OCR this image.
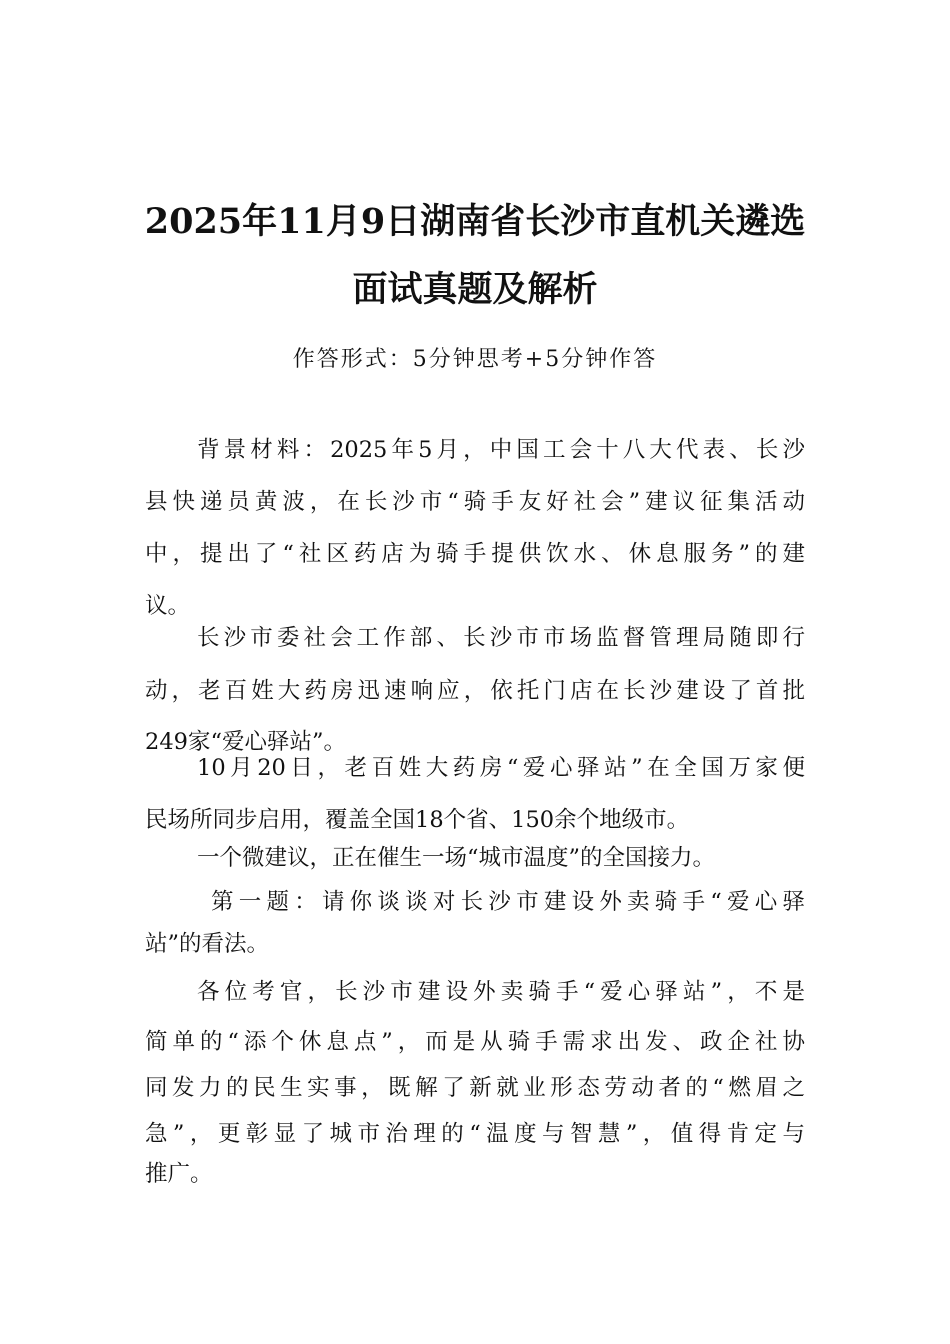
2025年11月9日湖南省长沙市直机关遴选
面试真题及解析
作答形式：5分钟思考+5分钟作答
背景材料：2025年5月，中国工会十八大代表、长沙
县快递员黄波，在长沙市“骑手友好社会”建议征集活动
中，提出了“社区药店为骑手提供饮水、休息服务”的建
议。
长沙市委社会工作部、长沙市市场监督管理局随即行
动，老百姓大药房迅速响应，依托门店在长沙建设了首批
249家“爱心驿站”。
10月20日，老百姓大药房“爱心驿站”在全国万家便
民场所同步启用，覆盖全国18个省、150余个地级市。
一个微建议，正在催生一场“城市温度”的全国接力。
第一题：请你谈谈对长沙市建设外卖骑手“爱心驿
站”的看法。
各位考官，长沙市建设外卖骑手“爱心驿站”，不是
简单的“添个休息点”，而是从骑手需求出发、政企社协
同发力的民生实事，既解了新就业形态劳动者的“燃眉之
急”，更彰显了城市治理的“温度与智慧”，值得肯定与
推广。
